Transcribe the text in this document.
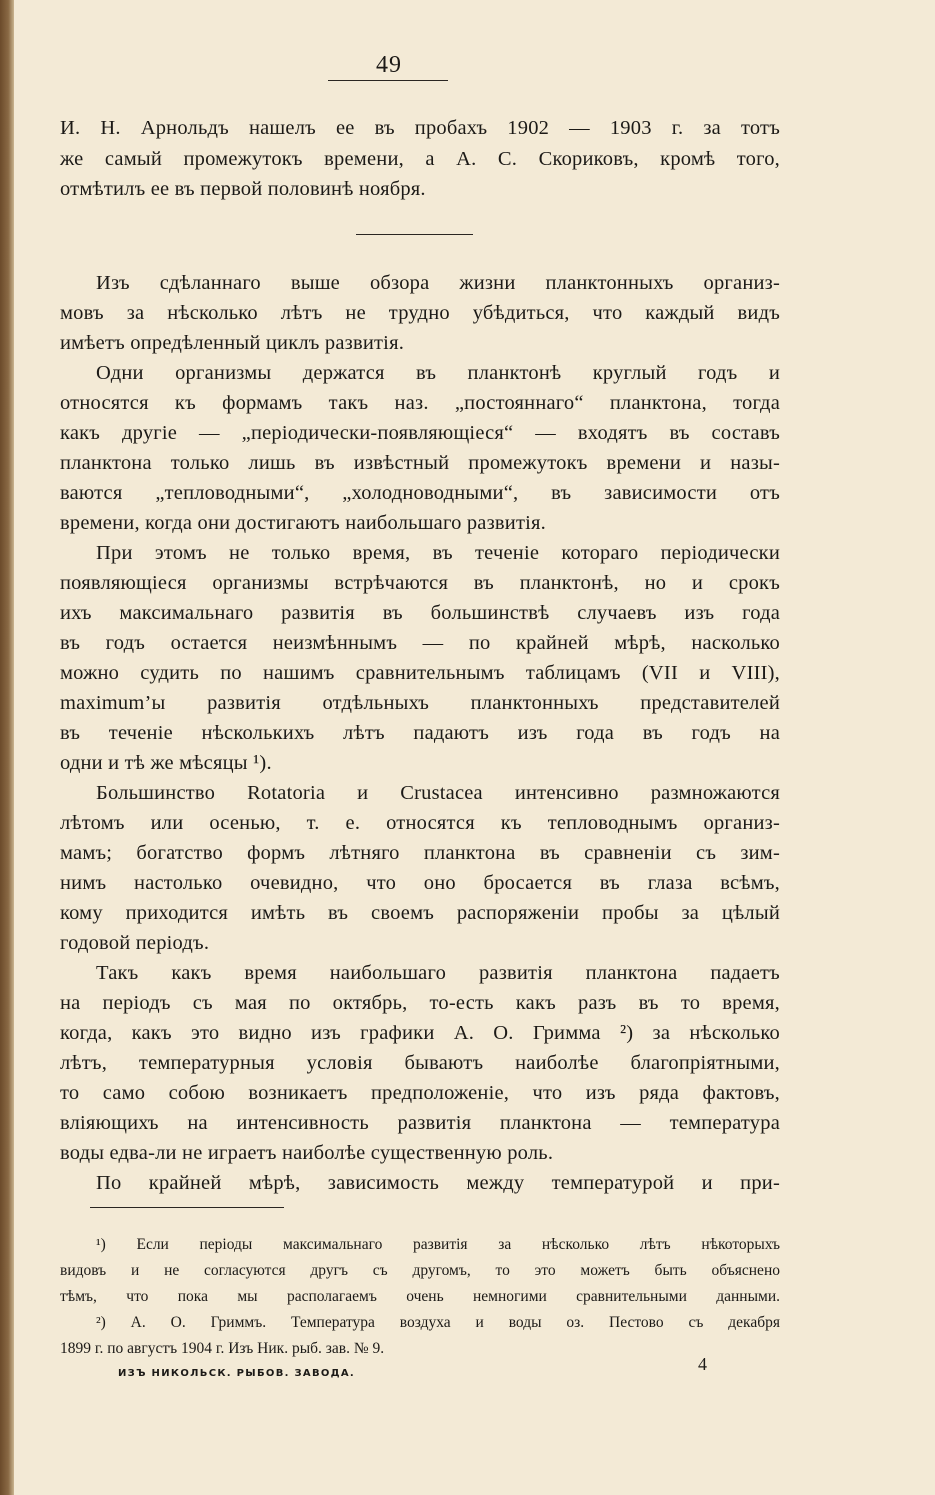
49
И. Н. Арнольдъ нашелъ ее въ пробахъ 1902 — 1903 г. за тотъ
же самый промежутокъ времени, а А. С. Скориковъ, кромѣ того,
отмѣтилъ ее въ первой половинѣ ноября.
Изъ сдѣланнаго выше обзора жизни планктонныхъ организ-
мовъ за нѣсколько лѣтъ не трудно убѣдиться, что каждый видъ
имѣетъ опредѣленный циклъ развитія.
Одни организмы держатся въ планктонѣ круглый годъ и
относятся къ формамъ такъ наз. „постояннаго“ планктона, тогда
какъ другіе — „періодически-появляющіеся“ — входятъ въ составъ
планктона только лишь въ извѣстный промежутокъ времени и назы-
ваются „тепловодными“, „холодноводными“, въ зависимости отъ
времени, когда они достигаютъ наибольшаго развитія.
При этомъ не только время, въ теченіе котораго періодически
появляющіеся организмы встрѣчаются въ планктонѣ, но и срокъ
ихъ максимальнаго развитія въ большинствѣ случаевъ изъ года
въ годъ остается неизмѣннымъ — по крайней мѣрѣ, насколько
можно судить по нашимъ сравнительнымъ таблицамъ (VII и VIII),
maximum’ы развитія отдѣльныхъ планктонныхъ представителей
въ теченіе нѣсколькихъ лѣтъ падаютъ изъ года въ годъ на
одни и тѣ же мѣсяцы ¹).
Большинство Rotatoria и Crustacea интенсивно размножаются
лѣтомъ или осенью, т. е. относятся къ тепловоднымъ организ-
мамъ; богатство формъ лѣтняго планктона въ сравненіи съ зим-
нимъ настолько очевидно, что оно бросается въ глаза всѣмъ,
кому приходится имѣть въ своемъ распоряженіи пробы за цѣлый
годовой періодъ.
Такъ какъ время наибольшаго развитія планктона падаетъ
на періодъ съ мая по октябрь, то-есть какъ разъ въ то время,
когда, какъ это видно изъ графики А. О. Гримма ²) за нѣсколько
лѣтъ, температурныя условія бываютъ наиболѣе благопріятными,
то само собою возникаетъ предположеніе, что изъ ряда фактовъ,
вліяющихъ на интенсивность развитія планктона — температура
воды едва-ли не играетъ наиболѣе существенную роль.
По крайней мѣрѣ, зависимость между температурой и при-
¹) Если періоды максимальнаго развитія за нѣсколько лѣтъ нѣкоторыхъ
видовъ и не согласуются другъ съ другомъ, то это можетъ быть объяснено
тѣмъ, что пока мы располагаемъ очень немногими сравнительными данными.
²) А. О. Гриммъ. Температура воздуха и воды оз. Пестово съ декабря
1899 г. по августъ 1904 г. Изъ Ник. рыб. зав. № 9.
ИЗЪ НИКОЛЬСК. РЫБОВ. ЗАВОДА.	4
